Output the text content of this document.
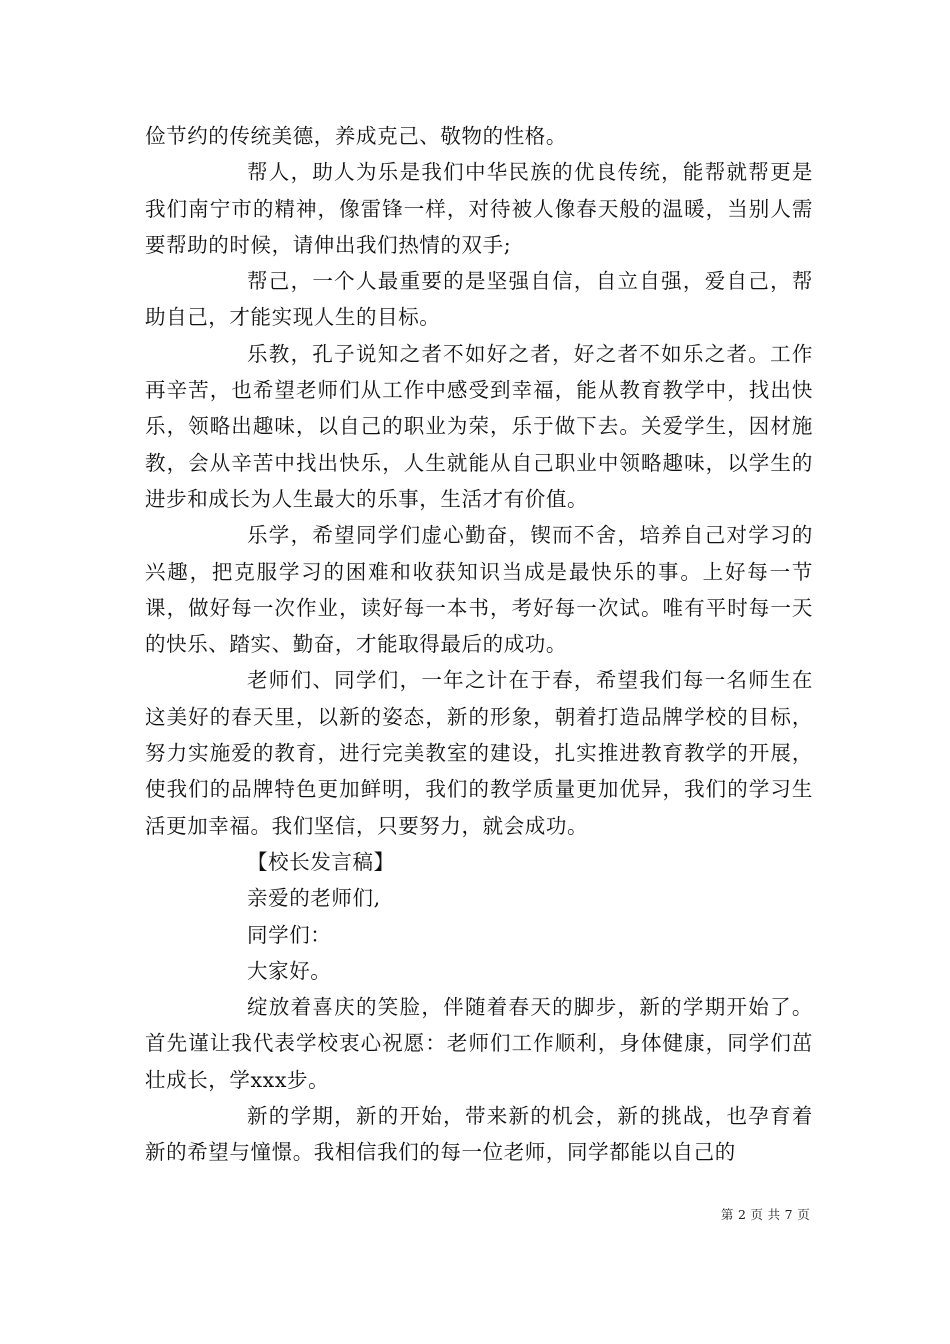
俭节约的传统美德，养成克己、敬物的性格。

帮人，助人为乐是我们中华民族的优良传统，能帮就帮更是我们南宁市的精神，像雷锋一样，对待被人像春天般的温暖，当别人需要帮助的时候，请伸出我们热情的双手;

帮己，一个人最重要的是坚强自信，自立自强，爱自己，帮助自己，才能实现人生的目标。

乐教，孔子说知之者不如好之者，好之者不如乐之者。工作再辛苦，也希望老师们从工作中感受到幸福，能从教育教学中，找出快乐，领略出趣味，以自己的职业为荣，乐于做下去。关爱学生，因材施教，会从辛苦中找出快乐，人生就能从自己职业中领略趣味，以学生的进步和成长为人生最大的乐事，生活才有价值。

乐学，希望同学们虚心勤奋，锲而不舍，培养自己对学习的兴趣，把克服学习的困难和收获知识当成是最快乐的事。上好每一节课，做好每一次作业，读好每一本书，考好每一次试。唯有平时每一天的快乐、踏实、勤奋，才能取得最后的成功。

老师们、同学们，一年之计在于春，希望我们每一名师生在这美好的春天里，以新的姿态，新的形象，朝着打造品牌学校的目标，努力实施爱的教育，进行完美教室的建设，扎实推进教育教学的开展，使我们的品牌特色更加鲜明，我们的教学质量更加优异，我们的学习生活更加幸福。我们坚信，只要努力，就会成功。

【校长发言稿】

亲爱的老师们,

同学们：

大家好。

绽放着喜庆的笑脸，伴随着春天的脚步，新的学期开始了。首先谨让我代表学校衷心祝愿：老师们工作顺利，身体健康，同学们茁壮成长，学xxx步。

新的学期，新的开始，带来新的机会，新的挑战，也孕育着新的希望与憧憬。我相信我们的每一位老师，同学都能以自己的

第 2 页 共 7 页
